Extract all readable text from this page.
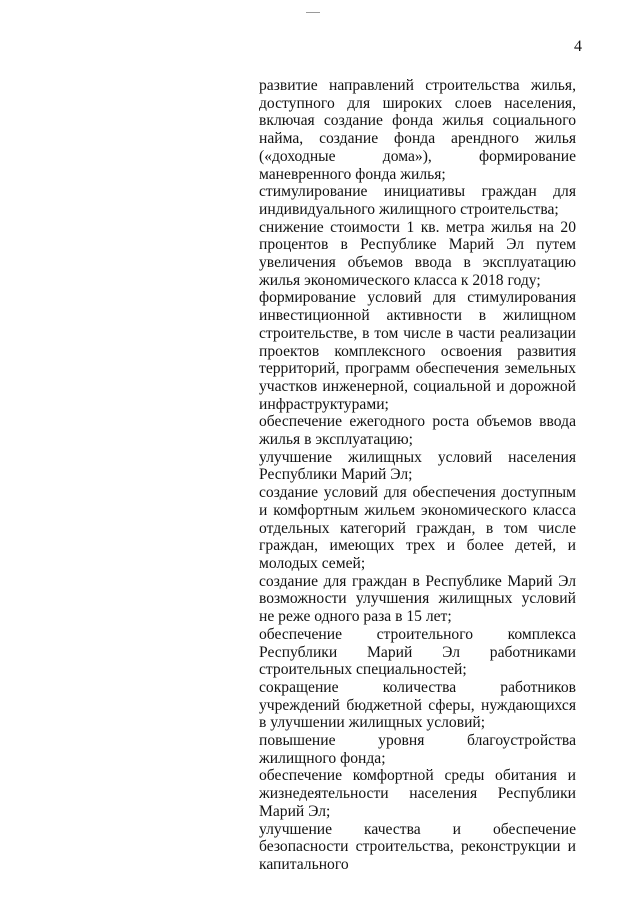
4

развитие направлений строительства жилья, доступного для широких слоев населения, включая создание фонда жилья социального найма, создание фонда арендного жилья («доходные дома»), формирование маневренного фонда жилья;

стимулирование инициативы граждан для индивидуального жилищного строительства;

снижение стоимости 1 кв. метра жилья на 20 процентов в Республике Марий Эл путем увеличения объемов ввода в эксплуатацию жилья экономического класса к 2018 году;

формирование условий для стимулирования инвестиционной активности в жилищном строительстве, в том числе в части реализации проектов комплексного освоения развития территорий, программ обеспечения земельных участков инженерной, социальной и дорожной инфраструктурами;

обеспечение ежегодного роста объемов ввода жилья в эксплуатацию;

улучшение жилищных условий населения Республики Марий Эл;

создание условий для обеспечения доступным и комфортным жильем экономического класса отдельных категорий граждан, в том числе граждан, имеющих трех и более детей, и молодых семей;

создание для граждан в Республике Марий Эл возможности улучшения жилищных условий не реже одного раза в 15 лет;

обеспечение строительного комплекса Республики Марий Эл работниками строительных специальностей;

сокращение количества работников учреждений бюджетной сферы, нуждающихся в улучшении жилищных условий;

повышение уровня благоустройства жилищного фонда;

обеспечение комфортной среды обитания и жизнедеятельности населения Республики Марий Эл;

улучшение качества и обеспечение безопасности строительства, реконструкции и капитального
